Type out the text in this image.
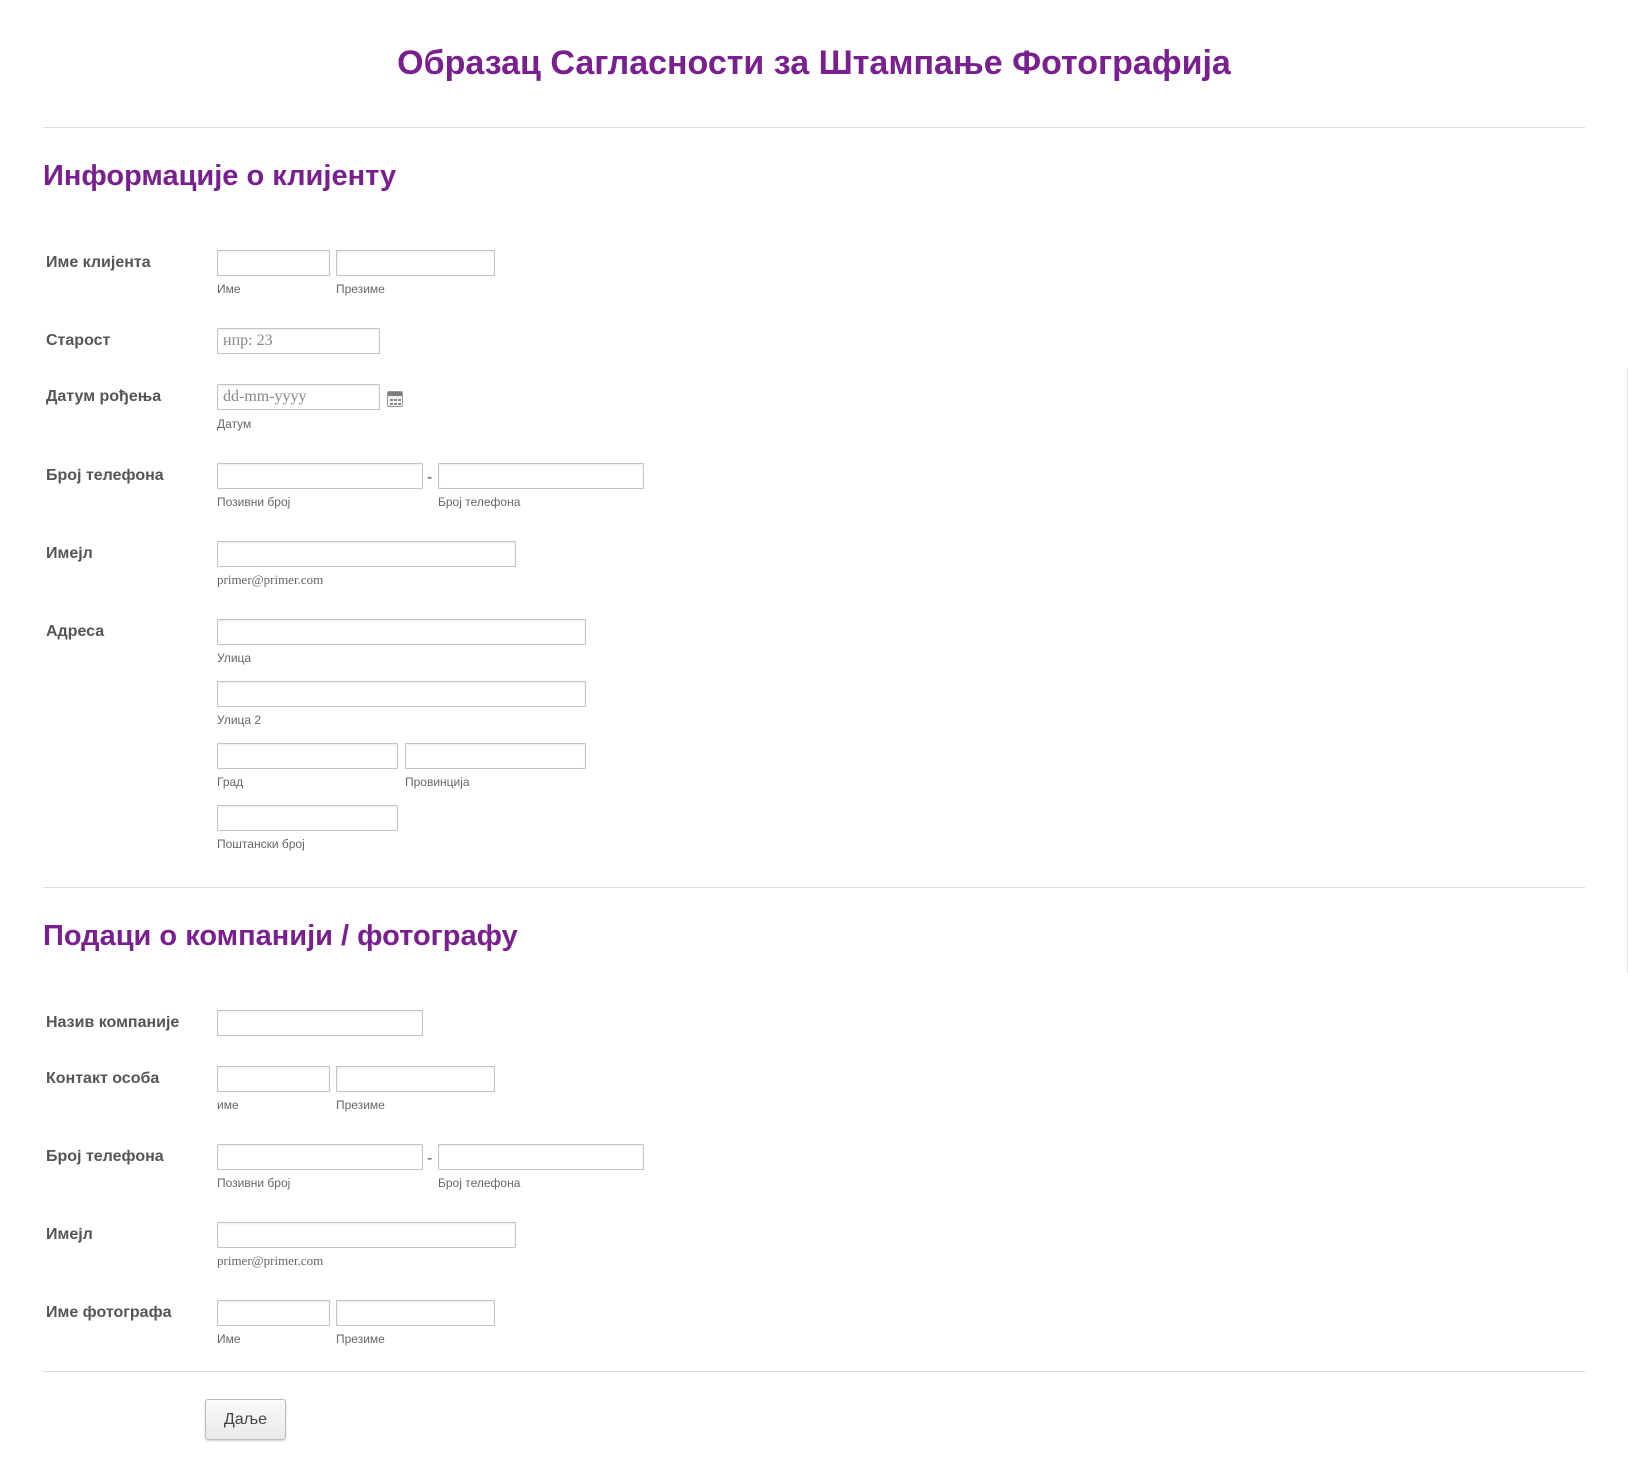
Образац Сагласности за Штампање Фотографија
Информације о клијенту
Име клијента
Име	Презиме
Старост
нпр: 23
Датум рођења
dd-mm-yyyy
Датум
Број телефона	-
Позивни број	Број телефона
Имејл
primer@primer.com
Адреса
Улица
Улица 2
Град	Провинција
Поштански број
Подаци о компанији / фотографу
Назив компаније
Контакт особа
име	Презиме
Број телефона	-
Позивни број	Број телефона
Имејл
primer@primer.com
Име фотографа
Име	Презиме
Даље
